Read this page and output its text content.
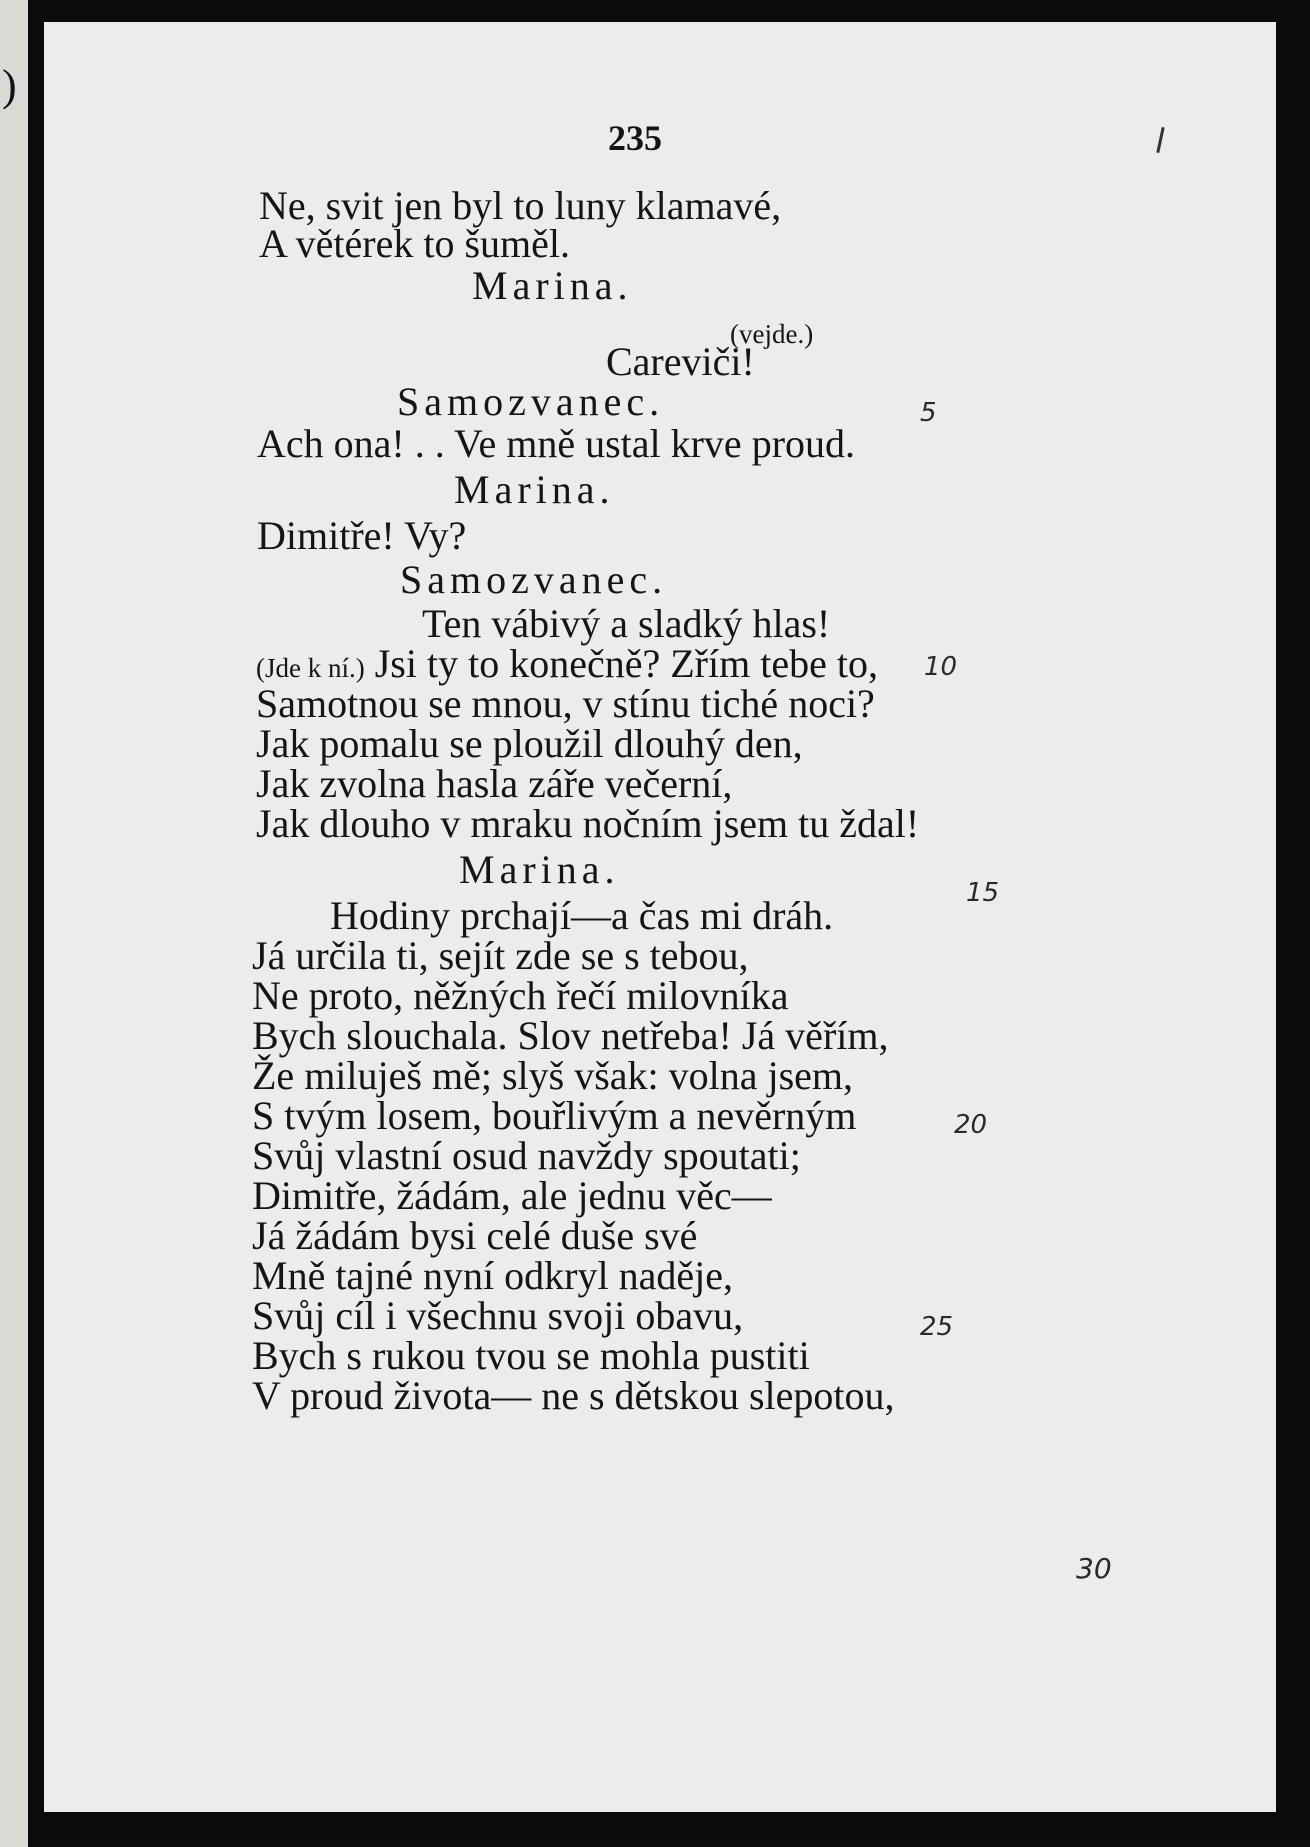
)
235
Ne, svit jen byl to luny klamavé,
A větérek to šuměl.
Marina.
(vejde.)
Careviči!
Samozvanec.
Ach ona! . . Ve mně ustal krve proud.
Marina.
Dimitře! Vy?
Samozvanec.
Ten vábivý a sladký hlas!
(Jde k ní.) Jsi ty to konečně? Zřím tebe to,
Samotnou se mnou, v stínu tiché noci?
Jak pomalu se ploužil dlouhý den,
Jak zvolna hasla záře večerní,
Jak dlouho v mraku nočním jsem tu ždal!
Marina.
Hodiny prchají—a čas mi dráh.
Já určila ti, sejít zde se s tebou,
Ne proto, něžných řečí milovníka
Bych slouchala. Slov netřeba! Já věřím,
Že miluješ mě; slyš však: volna jsem,
S tvým losem, bouřlivým a nevěrným
Svůj vlastní osud navždy spoutati;
Dimitře, žádám, ale jednu věc—
Já žádám bysi celé duše své
Mně tajné nyní odkryl naděje,
Svůj cíl i všechnu svoji obavu,
Bych s rukou tvou se mohla pustiti
V proud života— ne s dětskou slepotou,
5
10
15
20
25
30
